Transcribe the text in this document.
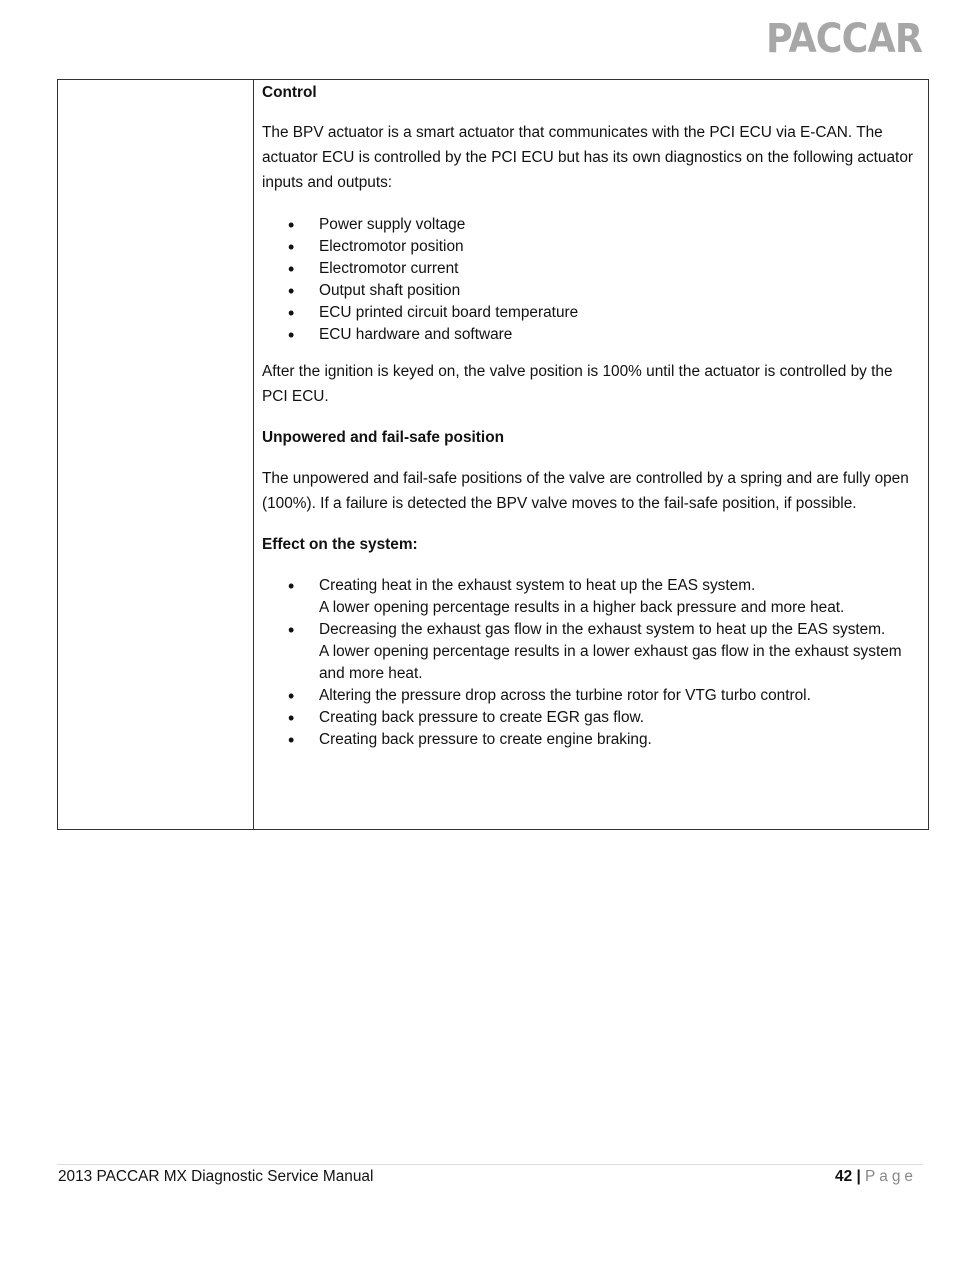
PACCAR

Control

The BPV actuator is a smart actuator that communicates with the PCI ECU via E-CAN. The actuator ECU is controlled by the PCI ECU but has its own diagnostics on the following actuator inputs and outputs:

• Power supply voltage
• Electromotor position
• Electromotor current
• Output shaft position
• ECU printed circuit board temperature
• ECU hardware and software

After the ignition is keyed on, the valve position is 100% until the actuator is controlled by the PCI ECU.

Unpowered and fail-safe position

The unpowered and fail-safe positions of the valve are controlled by a spring and are fully open (100%). If a failure is detected the BPV valve moves to the fail-safe position, if possible.

Effect on the system:

• Creating heat in the exhaust system to heat up the EAS system.
A lower opening percentage results in a higher back pressure and more heat.
• Decreasing the exhaust gas flow in the exhaust system to heat up the EAS system.
A lower opening percentage results in a lower exhaust gas flow in the exhaust system and more heat.
• Altering the pressure drop across the turbine rotor for VTG turbo control.
• Creating back pressure to create EGR gas flow.
• Creating back pressure to create engine braking.
2013 PACCAR MX Diagnostic Service Manual	42 | Page
